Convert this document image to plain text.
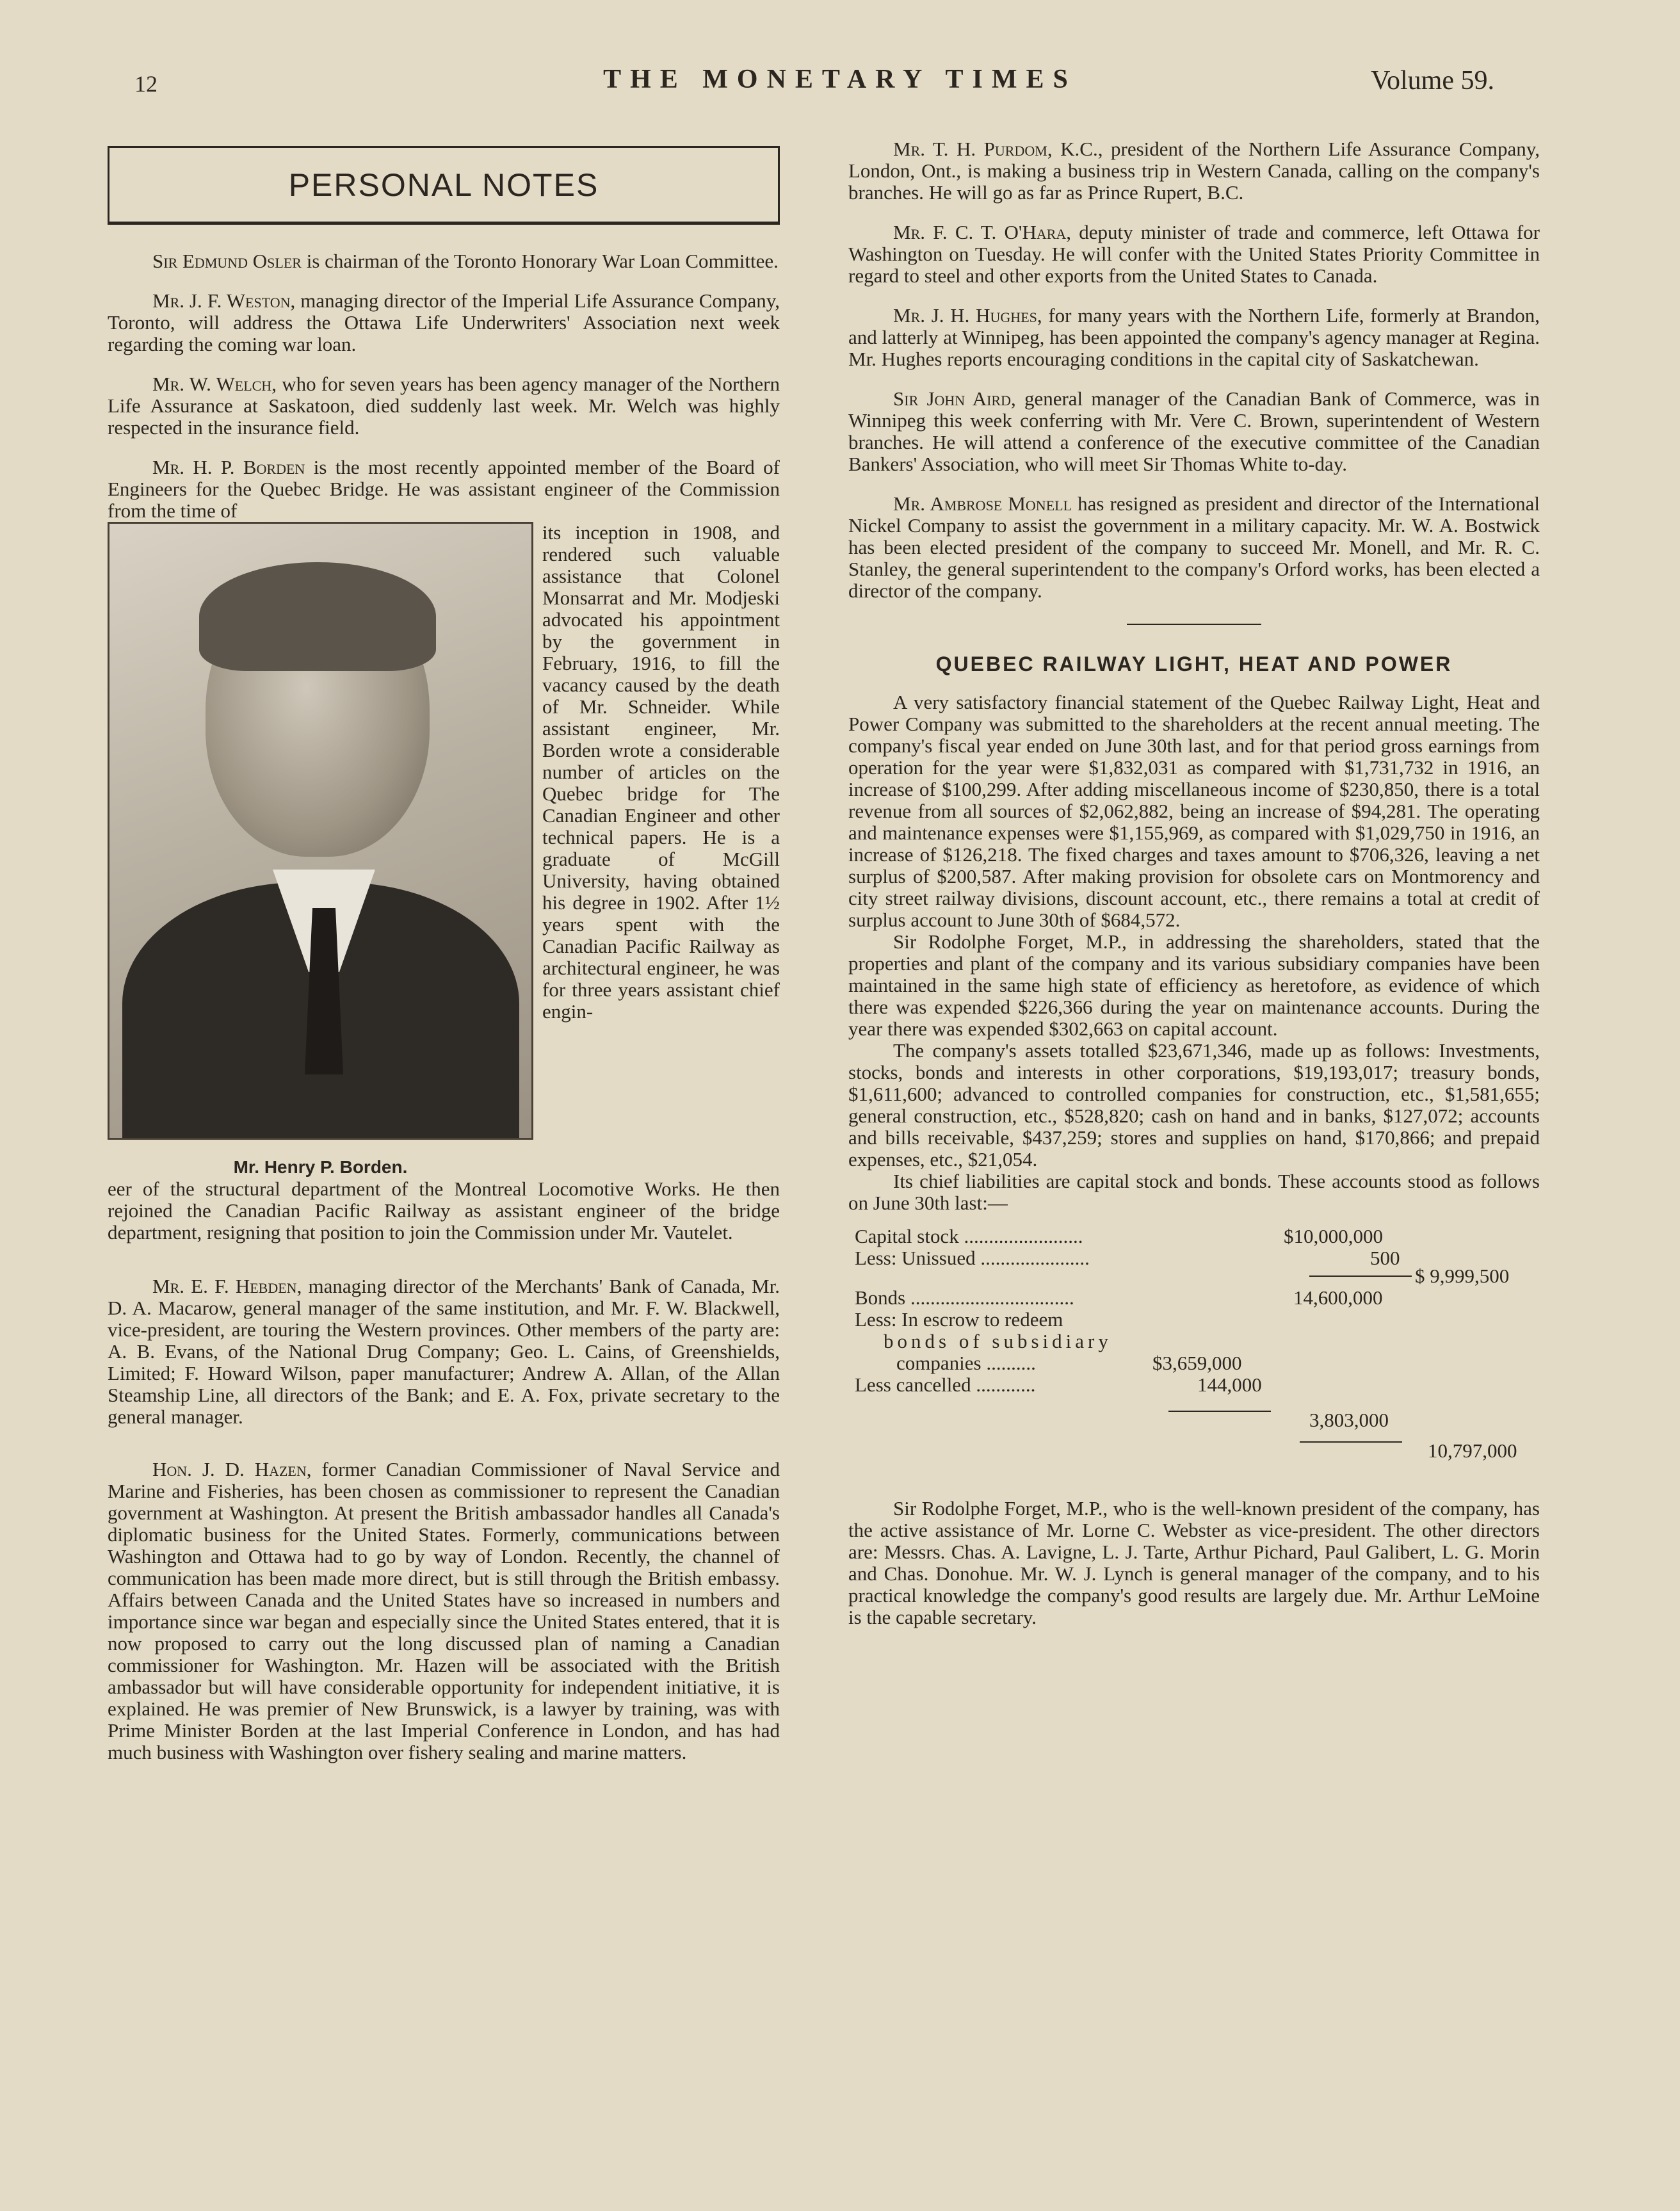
12	THE MONETARY TIMES	Volume 59.
PERSONAL NOTES

Sir Edmund Osler is chairman of the Toronto Honorary War Loan Committee.

Mr. J. F. Weston, managing director of the Imperial Life Assurance Company, Toronto, will address the Ottawa Life Underwriters' Association next week regarding the coming war loan.

Mr. W. Welch, who for seven years has been agency manager of the Northern Life Assurance at Saskatoon, died suddenly last week. Mr. Welch was highly respected in the insurance field.

Mr. H. P. Borden is the most recently appointed member of the Board of Engineers for the Quebec Bridge. He was assistant engineer of the Commission from the time of

Mr. Henry P. Borden.
its inception in 1908, and rendered such valuable assistance that Colonel Monsarrat and Mr. Modjeski advocated his appointment by the government in February, 1916, to fill the vacancy caused by the death of Mr. Schneider. While assistant engineer, Mr. Borden wrote a considerable number of articles on the Quebec bridge for The Canadian Engineer and other technical papers. He is a graduate of McGill University, having obtained his degree in 1902. After 1½ years spent with the Canadian Pacific Railway as architectural engineer, he was for three years assistant chief engin-

eer of the structural department of the Montreal Locomotive Works. He then rejoined the Canadian Pacific Railway as assistant engineer of the bridge department, resigning that position to join the Commission under Mr. Vautelet.

Mr. E. F. Hebden, managing director of the Merchants' Bank of Canada, Mr. D. A. Macarow, general manager of the same institution, and Mr. F. W. Blackwell, vice-president, are touring the Western provinces. Other members of the party are: A. B. Evans, of the National Drug Company; Geo. L. Cains, of Greenshields, Limited; F. Howard Wilson, paper manufacturer; Andrew A. Allan, of the Allan Steamship Line, all directors of the Bank; and E. A. Fox, private secretary to the general manager.

Hon. J. D. Hazen, former Canadian Commissioner of Naval Service and Marine and Fisheries, has been chosen as commissioner to represent the Canadian government at Washington. At present the British ambassador handles all Canada's diplomatic business for the United States. Formerly, communications between Washington and Ottawa had to go by way of London. Recently, the channel of communication has been made more direct, but is still through the British embassy. Affairs between Canada and the United States have so increased in numbers and importance since war began and especially since the United States entered, that it is now proposed to carry out the long discussed plan of naming a Canadian commissioner for Washington. Mr. Hazen will be associated with the British ambassador but will have considerable opportunity for independent initiative, it is explained. He was premier of New Brunswick, is a lawyer by training, was with Prime Minister Borden at the last Imperial Conference in London, and has had much business with Washington over fishery sealing and marine matters.

Mr. T. H. Purdom, K.C., president of the Northern Life Assurance Company, London, Ont., is making a business trip in Western Canada, calling on the company's branches. He will go as far as Prince Rupert, B.C.

Mr. F. C. T. O'Hara, deputy minister of trade and commerce, left Ottawa for Washington on Tuesday. He will confer with the United States Priority Committee in regard to steel and other exports from the United States to Canada.

Mr. J. H. Hughes, for many years with the Northern Life, formerly at Brandon, and latterly at Winnipeg, has been appointed the company's agency manager at Regina. Mr. Hughes reports encouraging conditions in the capital city of Saskatchewan.

Sir John Aird, general manager of the Canadian Bank of Commerce, was in Winnipeg this week conferring with Mr. Vere C. Brown, superintendent of Western branches. He will attend a conference of the executive committee of the Canadian Bankers' Association, who will meet Sir Thomas White to-day.

Mr. Ambrose Monell has resigned as president and director of the International Nickel Company to assist the government in a military capacity. Mr. W. A. Bostwick has been elected president of the company to succeed Mr. Monell, and Mr. R. C. Stanley, the general superintendent to the company's Orford works, has been elected a director of the company.

QUEBEC RAILWAY LIGHT, HEAT AND POWER

A very satisfactory financial statement of the Quebec Railway Light, Heat and Power Company was submitted to the shareholders at the recent annual meeting. The company's fiscal year ended on June 30th last, and for that period gross earnings from operation for the year were $1,832,031 as compared with $1,731,732 in 1916, an increase of $100,299. After adding miscellaneous income of $230,850, there is a total revenue from all sources of $2,062,882, being an increase of $94,281. The operating and maintenance expenses were $1,155,969, as compared with $1,029,750 in 1916, an increase of $126,218. The fixed charges and taxes amount to $706,326, leaving a net surplus of $200,587. After making provision for obsolete cars on Montmorency and city street railway divisions, discount account, etc., there remains a total at credit of surplus account to June 30th of $684,572.

Sir Rodolphe Forget, M.P., in addressing the shareholders, stated that the properties and plant of the company and its various subsidiary companies have been maintained in the same high state of efficiency as heretofore, as evidence of which there was expended $226,366 during the year on maintenance accounts. During the year there was expended $302,663 on capital account.

The company's assets totalled $23,671,346, made up as follows: Investments, stocks, bonds and interests in other corporations, $19,193,017; treasury bonds, $1,611,600; advanced to controlled companies for construction, etc., $1,581,655; general construction, etc., $528,820; cash on hand and in banks, $127,072; accounts and bills receivable, $437,259; stores and supplies on hand, $170,866; and prepaid expenses, etc., $21,054.

Its chief liabilities are capital stock and bonds. These accounts stood as follows on June 30th last:—

Capital stock ........................	$10,000,000
Less: Unissued ......................	500
$ 9,999,500
Bonds .................................	14,600,000
Less: In escrow to redeem
bonds of subsidiary
companies ..........	$3,659,000
Less cancelled ............	144,000
3,803,000
10,797,000

Sir Rodolphe Forget, M.P., who is the well-known president of the company, has the active assistance of Mr. Lorne C. Webster as vice-president. The other directors are: Messrs. Chas. A. Lavigne, L. J. Tarte, Arthur Pichard, Paul Galibert, L. G. Morin and Chas. Donohue. Mr. W. J. Lynch is general manager of the company, and to his practical knowledge the company's good results are largely due. Mr. Arthur LeMoine is the capable secretary.
